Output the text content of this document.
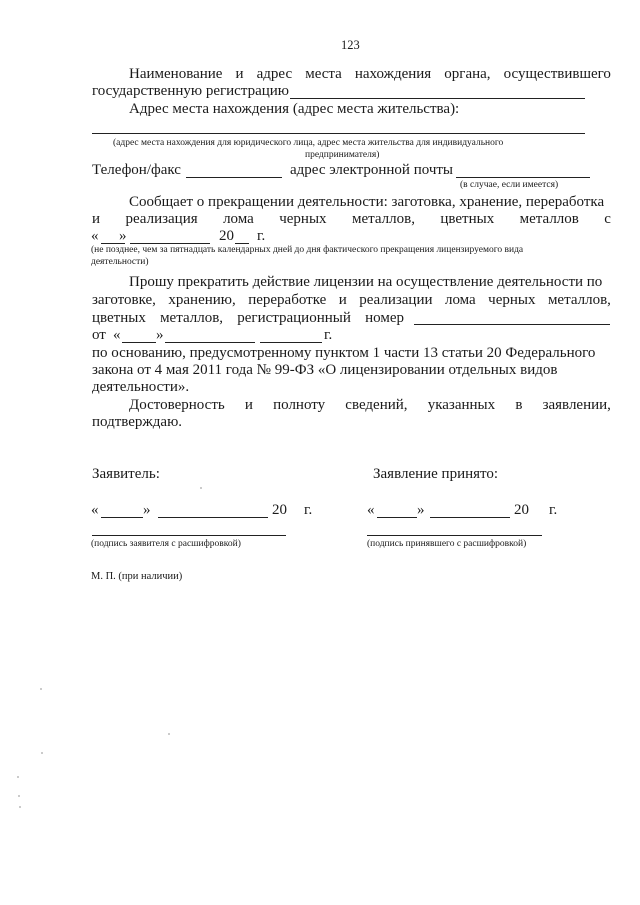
123
Наименование и адрес места нахождения органа, осуществившего
государственную регистрацию
Адрес места нахождения (адрес места жительства):
(адрес места нахождения для юридического лица, адрес места жительства для индивидуального
предпринимателя)
Телефон/факс	адрес электронной почты
(в случае, если имеется)
Сообщает о прекращении деятельности: заготовка, хранение, переработка
и реализация лома черных металлов, цветных металлов с
« »	20 г.
(не позднее, чем за пятнадцать календарных дней до дня фактического прекращения лицензируемого вида
деятельности)
Прошу прекратить действие лицензии на осуществление деятельности по
заготовке, хранению, переработке и реализации лома черных металлов,
цветных металлов, регистрационный номер
от « »	г.
по основанию, предусмотренному пунктом 1 части 13 статьи 20 Федерального
закона от 4 мая 2011 года № 99-ФЗ «О лицензировании отдельных видов
деятельности».
Достоверность и полноту сведений, указанных в заявлении,
подтверждаю.
Заявитель:
«	»	20 г.
(подпись заявителя с расшифровкой)
Заявление принято:
«	»	20 г.
(подпись принявшего с расшифровкой)
М. П. (при наличии)
